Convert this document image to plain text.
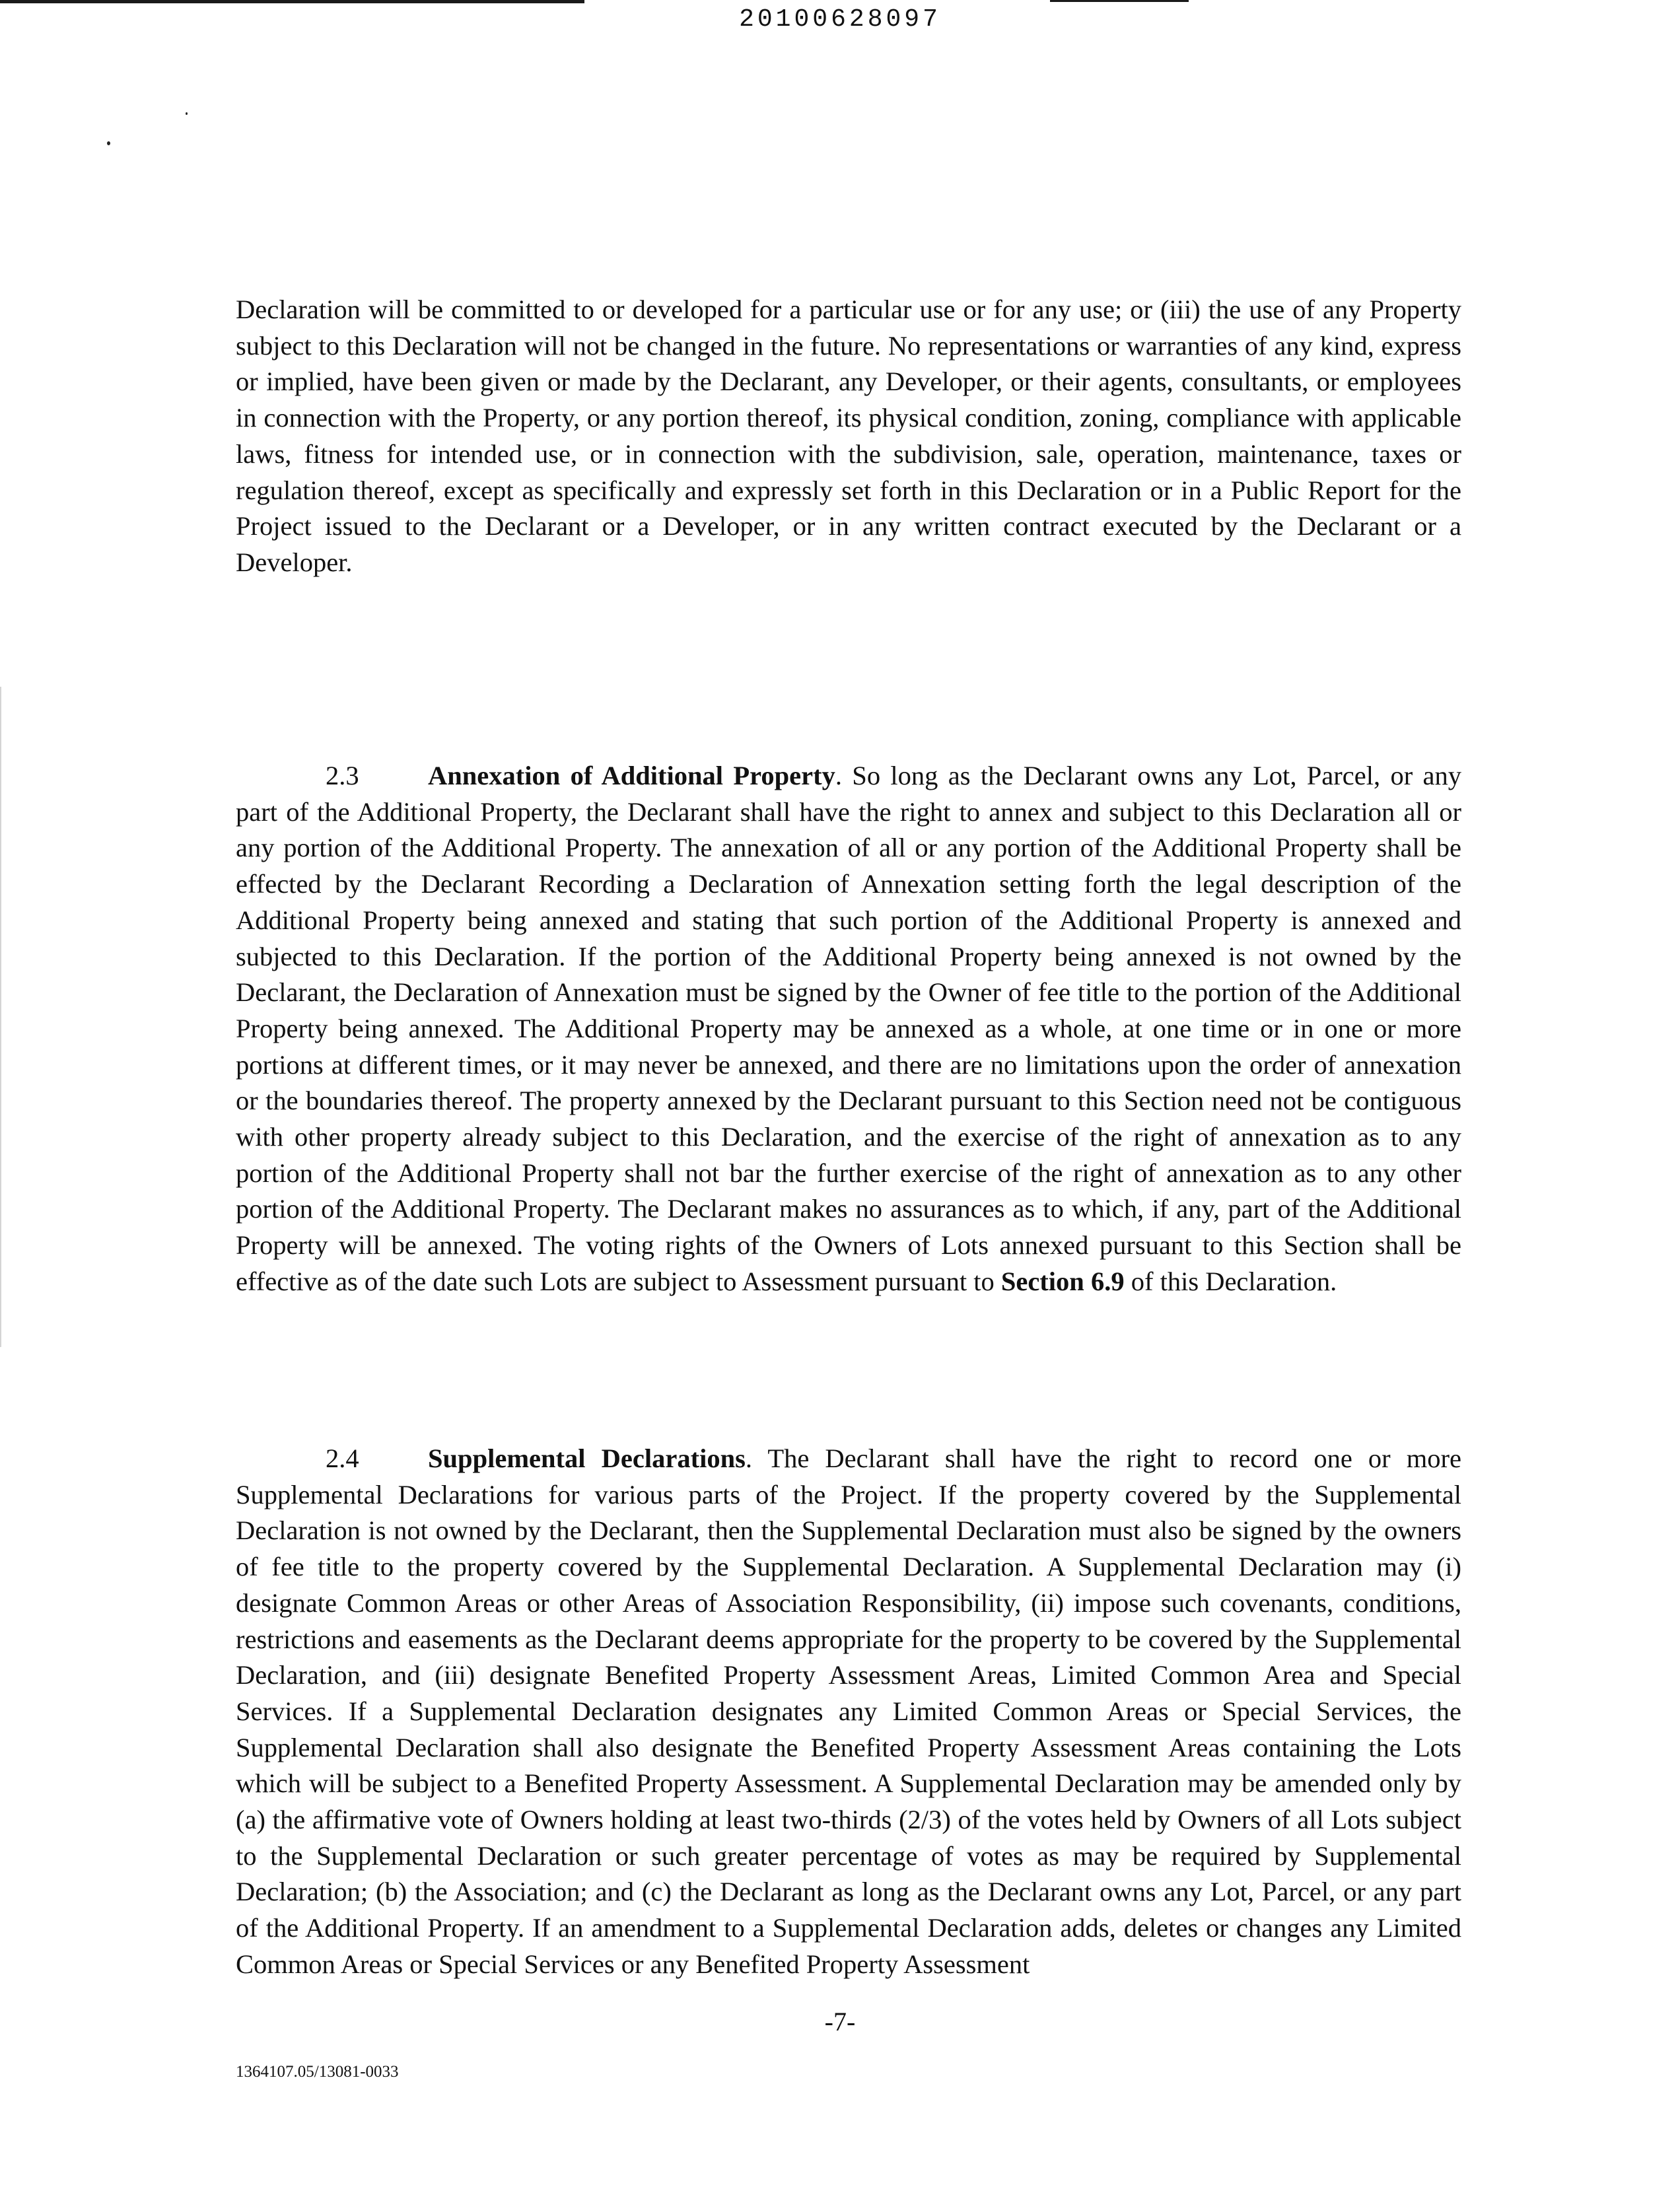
20100628097

Declaration will be committed to or developed for a particular use or for any use; or (iii) the use of any Property subject to this Declaration will not be changed in the future. No representations or warranties of any kind, express or implied, have been given or made by the Declarant, any Developer, or their agents, consultants, or employees in connection with the Property, or any portion thereof, its physical condition, zoning, compliance with applicable laws, fitness for intended use, or in connection with the subdivision, sale, operation, maintenance, taxes or regulation thereof, except as specifically and expressly set forth in this Declaration or in a Public Report for the Project issued to the Declarant or a Developer, or in any written contract executed by the Declarant or a Developer.

2.3	Annexation of Additional Property. So long as the Declarant owns any Lot, Parcel, or any part of the Additional Property, the Declarant shall have the right to annex and subject to this Declaration all or any portion of the Additional Property. The annexation of all or any portion of the Additional Property shall be effected by the Declarant Recording a Declaration of Annexation setting forth the legal description of the Additional Property being annexed and stating that such portion of the Additional Property is annexed and subjected to this Declaration. If the portion of the Additional Property being annexed is not owned by the Declarant, the Declaration of Annexation must be signed by the Owner of fee title to the portion of the Additional Property being annexed. The Additional Property may be annexed as a whole, at one time or in one or more portions at different times, or it may never be annexed, and there are no limitations upon the order of annexation or the boundaries thereof. The property annexed by the Declarant pursuant to this Section need not be contiguous with other property already subject to this Declaration, and the exercise of the right of annexation as to any portion of the Additional Property shall not bar the further exercise of the right of annexation as to any other portion of the Additional Property. The Declarant makes no assurances as to which, if any, part of the Additional Property will be annexed. The voting rights of the Owners of Lots annexed pursuant to this Section shall be effective as of the date such Lots are subject to Assessment pursuant to Section 6.9 of this Declaration.

2.4	Supplemental Declarations. The Declarant shall have the right to record one or more Supplemental Declarations for various parts of the Project. If the property covered by the Supplemental Declaration is not owned by the Declarant, then the Supplemental Declaration must also be signed by the owners of fee title to the property covered by the Supplemental Declaration. A Supplemental Declaration may (i) designate Common Areas or other Areas of Association Responsibility, (ii) impose such covenants, conditions, restrictions and easements as the Declarant deems appropriate for the property to be covered by the Supplemental Declaration, and (iii) designate Benefited Property Assessment Areas, Limited Common Area and Special Services. If a Supplemental Declaration designates any Limited Common Areas or Special Services, the Supplemental Declaration shall also designate the Benefited Property Assessment Areas containing the Lots which will be subject to a Benefited Property Assessment. A Supplemental Declaration may be amended only by (a) the affirmative vote of Owners holding at least two-thirds (2/3) of the votes held by Owners of all Lots subject to the Supplemental Declaration or such greater percentage of votes as may be required by Supplemental Declaration; (b) the Association; and (c) the Declarant as long as the Declarant owns any Lot, Parcel, or any part of the Additional Property. If an amendment to a Supplemental Declaration adds, deletes or changes any Limited Common Areas or Special Services or any Benefited Property Assessment

-7-
1364107.05/13081-0033
